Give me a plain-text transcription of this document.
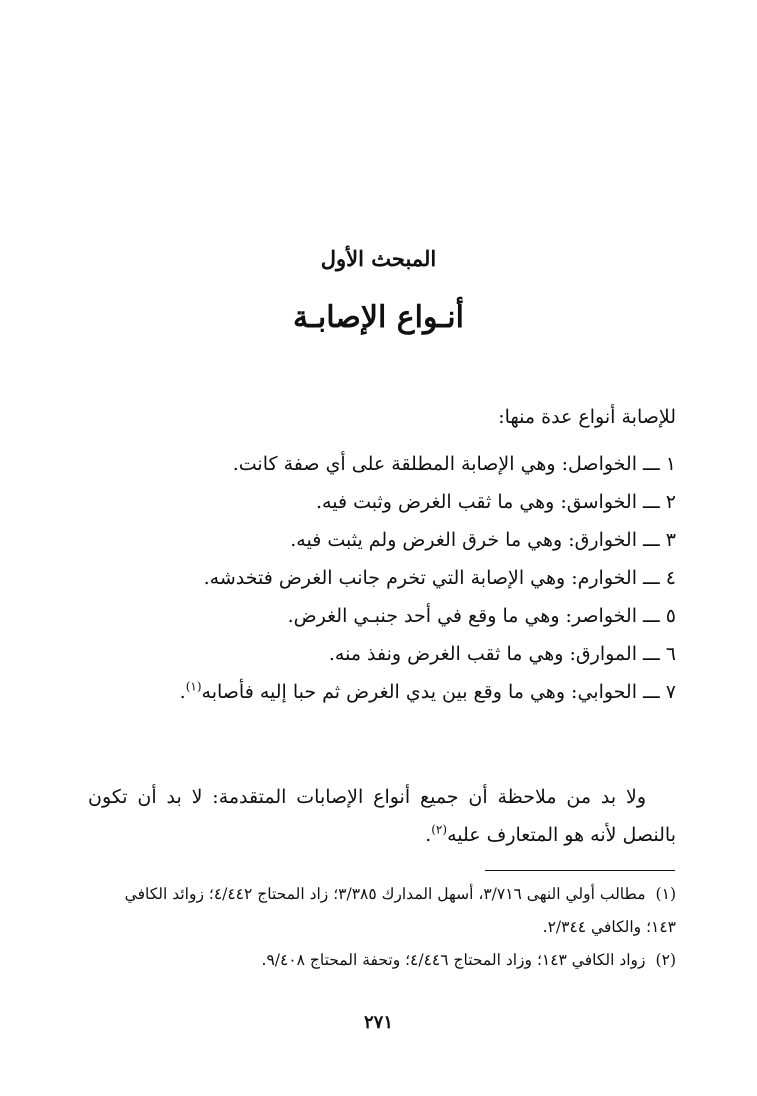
المبحث الأول
أنـواع الإصابـة
للإصابة أنواع عدة منها:
١ ـــ الخواصل: وهي الإصابة المطلقة على أي صفة كانت.
٢ ـــ الخواسق: وهي ما ثقب الغرض وثبت فيه.
٣ ـــ الخوارق: وهي ما خرق الغرض ولم يثبت فيه.
٤ ـــ الخوارم: وهي الإصابة التي تخرم جانب الغرض فتخدشه.
٥ ـــ الخواصر: وهي ما وقع في أحد جنبـي الغرض.
٦ ـــ الموارق: وهي ما ثقب الغرض ونفذ منه.
٧ ـــ الحوابي: وهي ما وقع بين يدي الغرض ثم حبا إليه فأصابه$^{(١)}$.
ولا بد من ملاحظة أن جميع أنواع الإصابات المتقدمة: لا بد أن تكون بالنصل لأنه هو المتعارف عليه$^{(٢)}$.
(١)مطالب أولي النهى ٣/٧١٦، أسهل المدارك ٣/٣٨٥؛ زاد المحتاج ٤/٤٤٢؛ زوائد الكافي ١٤٣؛ والكافي ٢/٣٤٤.
(٢)زواد الكافي ١٤٣؛ وزاد المحتاج ٤/٤٤٦؛ وتحفة المحتاج ٩/٤٠٨.
٢٧١
